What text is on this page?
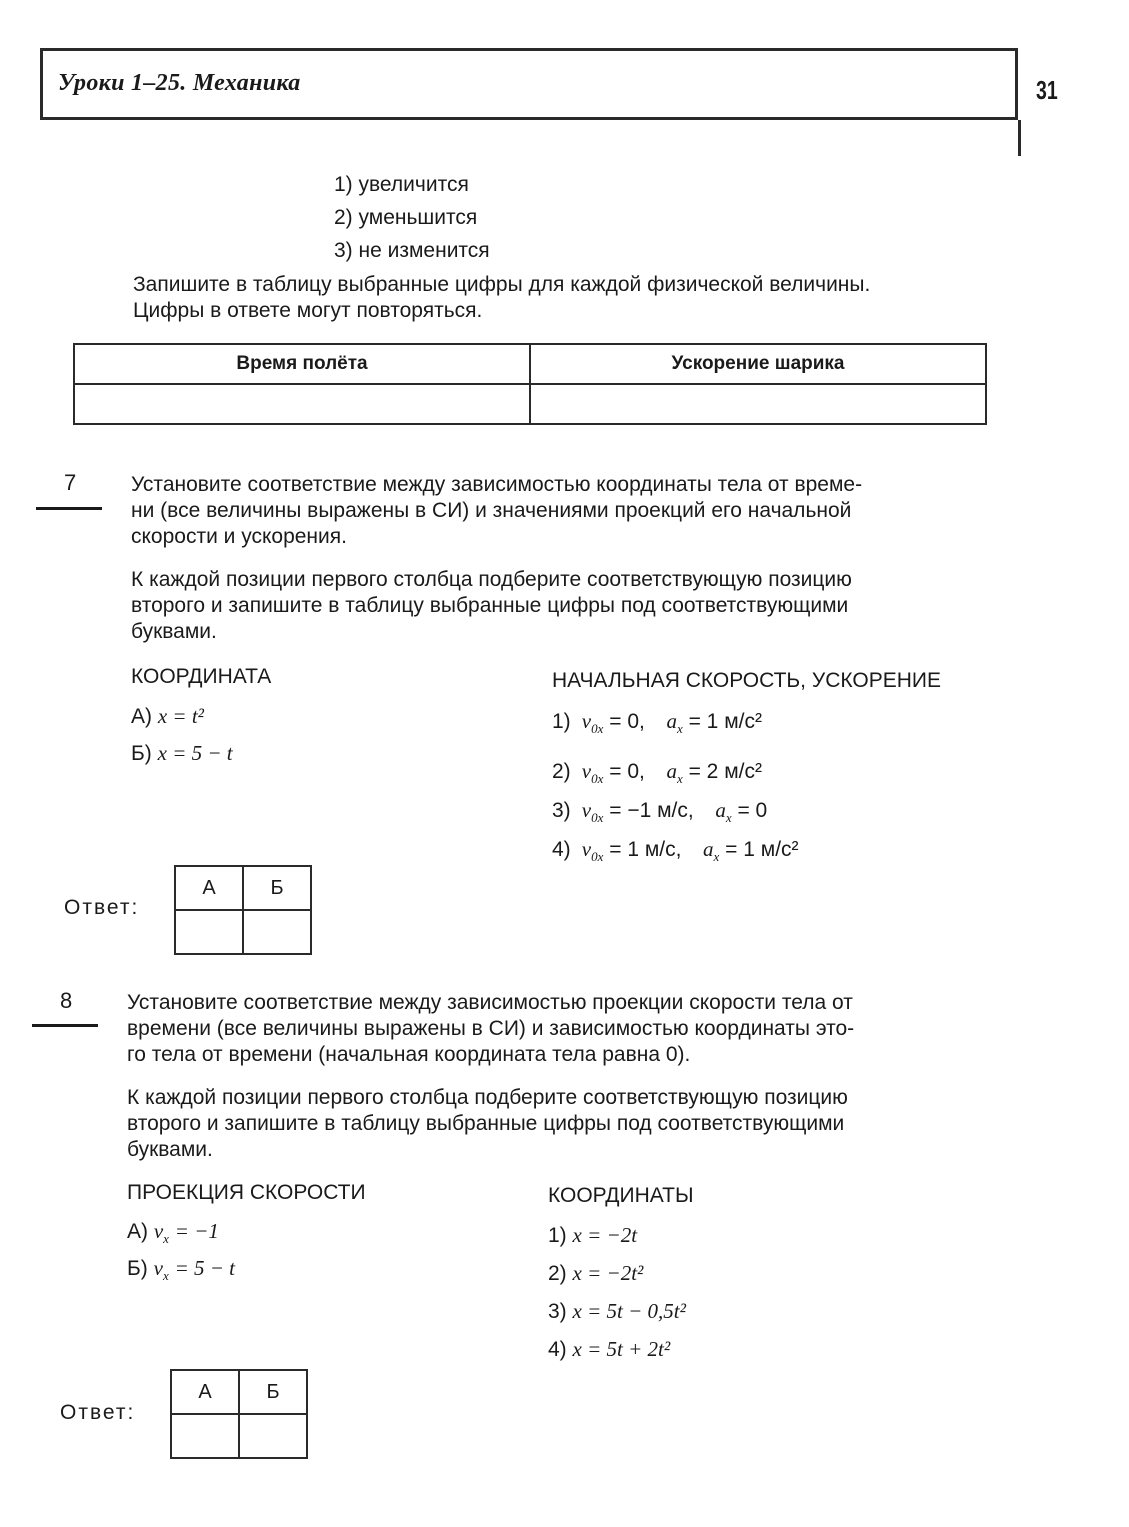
Уроки 1–25. Механика	31
1) увеличится
2) уменьшится
3) не изменится
Запишите в таблицу выбранные цифры для каждой физической величины.
Цифры в ответе могут повторяться.
Время полёта	Ускорение шарика

7	Установите соответствие между зависимостью координаты тела от време-
ни (все величины выражены в СИ) и значениями проекций его начальной
скорости и ускорения.
К каждой позиции первого столбца подберите соответствующую позицию
второго и запишите в таблицу выбранные цифры под соответствующими
буквами.
КООРДИНАТА	НАЧАЛЬНАЯ СКОРОСТЬ, УСКОРЕНИЕ
А) x = t²
Б) x = 5 − t
1)  $v_{0x} = 0$,    $a_x = 1$ м/с²
2)  $v_{0x} = 0$,    $a_x = 2$ м/с²
3)  $v_{0x} = -1$ м/с,    $a_x = 0$
4)  $v_{0x} = 1$ м/с,    $a_x = 1$ м/с²
Ответ:
А	Б

8	Установите соответствие между зависимостью проекции скорости тела от
времени (все величины выражены в СИ) и зависимостью координаты это-
го тела от времени (начальная координата тела равна 0).
К каждой позиции первого столбца подберите соответствующую позицию
второго и запишите в таблицу выбранные цифры под соответствующими
буквами.
ПРОЕКЦИЯ СКОРОСТИ	КООРДИНАТЫ
А) $v_x = -1$
Б) $v_x = 5 - t$
1) x = −2t
2) x = −2t²
3) x = 5t − 0,5t²
4) x = 5t + 2t²
Ответ:
А	Б
